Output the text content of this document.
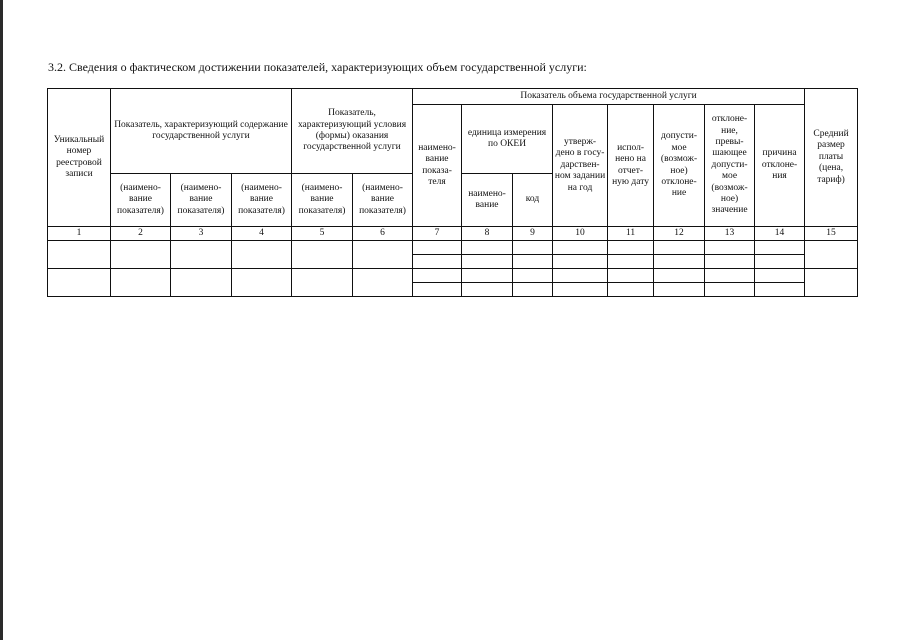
3.2. Сведения о фактическом достижении показателей, характеризующих объем государственной услуги:
Уникальный номер реестровой записи	Показатель, характеризующий содержание государственной услуги			Показатель, характеризующий условия (формы) оказания государственной услуги		Показатель объема государственной услуги								Средний размер платы (цена, тариф)
						наимено- вание показа- теля	единица измерения по ОКЕИ		утверж- дено в госу- дарствен- ном задании на год	испол- нено на отчет- ную дату	допусти- мое (возмож- ное) отклоне- ние	отклоне- ние, превы- шающее допусти- мое (возмож- ное) значение	причина отклоне- ния	

	(наимено- вание показателя)	(наимено- вание показателя)	(наимено- вание показателя)	(наимено- вание показателя)	(наимено- вание показателя)		наимено- вание	код						
1	2	3	4	5	6	7	8	9	10	11	12	13	14	15
